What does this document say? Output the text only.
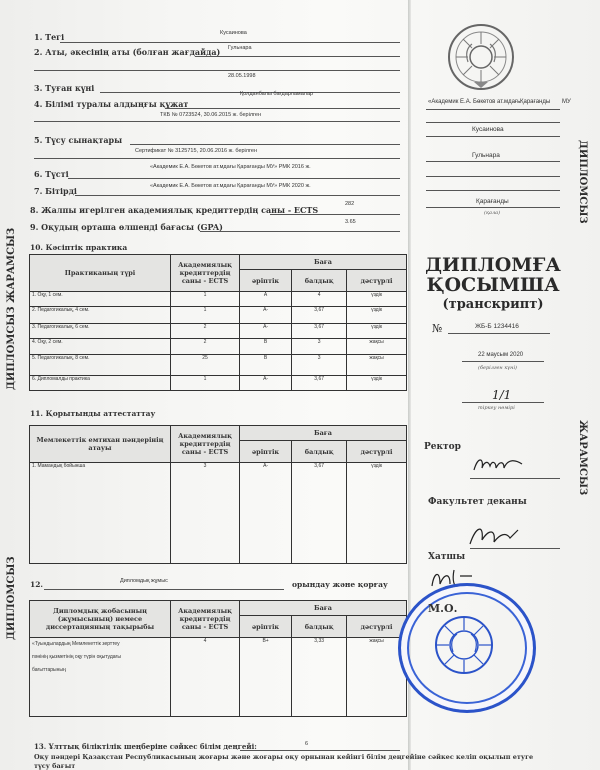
ДИПЛОМСЫЗ ЖАРАМСЫЗ
ДИПЛОМСЫЗ
ДИПЛОМСЫЗ
ЖАРАМСЫЗ
1. Тегі	Кусаинова
2. Аты, әкесінің аты (болған жағдайда) Гульнара
28.05.1998
3. Туған күні
Қолданбалы бағдарламалар
4. Білімі туралы алдыңғы құжат
ТКБ № 0723524, 30.06.2015 ж. берілген
5. Түсу сынақтары
Сертификат № 3125715, 20.06.2016 ж. берілген
6. Түсті
«Академик Е.А. Бөкетов ат.мдағы Қарағанды МУ» РМК 2016 ж.
7. Бітірді	«Академик Е.А. Бөкетов ат.мдағы Қарағанды МУ» РМК 2020 ж.
8. Жалпы игерілген академиялық кредиттердің саны - ECTS
282
9. Оқудың орташа өлшенді бағасы (GPA)	3.65
10. Кәсіптік практика
Практиканың түрі	Академиялық кредиттердің саны - ECTS	Баға		
		әріптік	балдық	дәстүрлі
1. Оқу, 1 сем.	1	A	4	үздік
2. Педагогикалық, 4 сем.	1	A-	3,67	үздік
3. Педагогикалық, 6 сем.	2	A-	3,67	үздік
4. Оқу, 2 сем.	2	B	3	жақсы
5. Педагогикалық, 8 сем.	25	B	3	жақсы
6. Дипломалды практика	1	A-	3,67	үздік
11. Қорытынды аттестаттау
Мемлекеттік емтихан пәндерінің атауы	Академиялық кредиттердің саны - ECTS	Баға		
		әріптік	балдық	дәстүрлі
1. Мамандық бойынша	3	A-	3,67	үздік
12.	Дипломдық жұмыс	орындау және қорғау
Дипломдық жобасының (жұмысының) немесе диссертацияның тақырыбы	Академиялық кредиттердің саны - ECTS	Баға		
		әріптік	балдық	дәстүрлі
«Туындылардың Мемлекеттік зерттеу
пәнінің қызметінің оқу түрін оқытудағы
бағыттарының	4	B+	3,33	жақсы
13. Ұлттық біліктілік шеңберіне сәйкес білім деңгейі:	6
Оқу пәндері Қазақстан Республикасының жоғары және жоғары оқу орнынан кейінгі білім деңгейіне сәйкес келіп оқылып етуге
түсу бағыт
«Академик Е.А. Бөкетов ат.мдағы
Қарағанды МУ
Кусаинова
Гульнара
Қарағанды
(қала)
ДИПЛОМҒА
ҚОСЫМША
(транскрипт)
№	ЖБ-Б 1234416
22 маусым 2020
(берілген күні)
1/1
тіркеу нөмірі
Ректор
Факультет деканы
Хатшы
М.О.
